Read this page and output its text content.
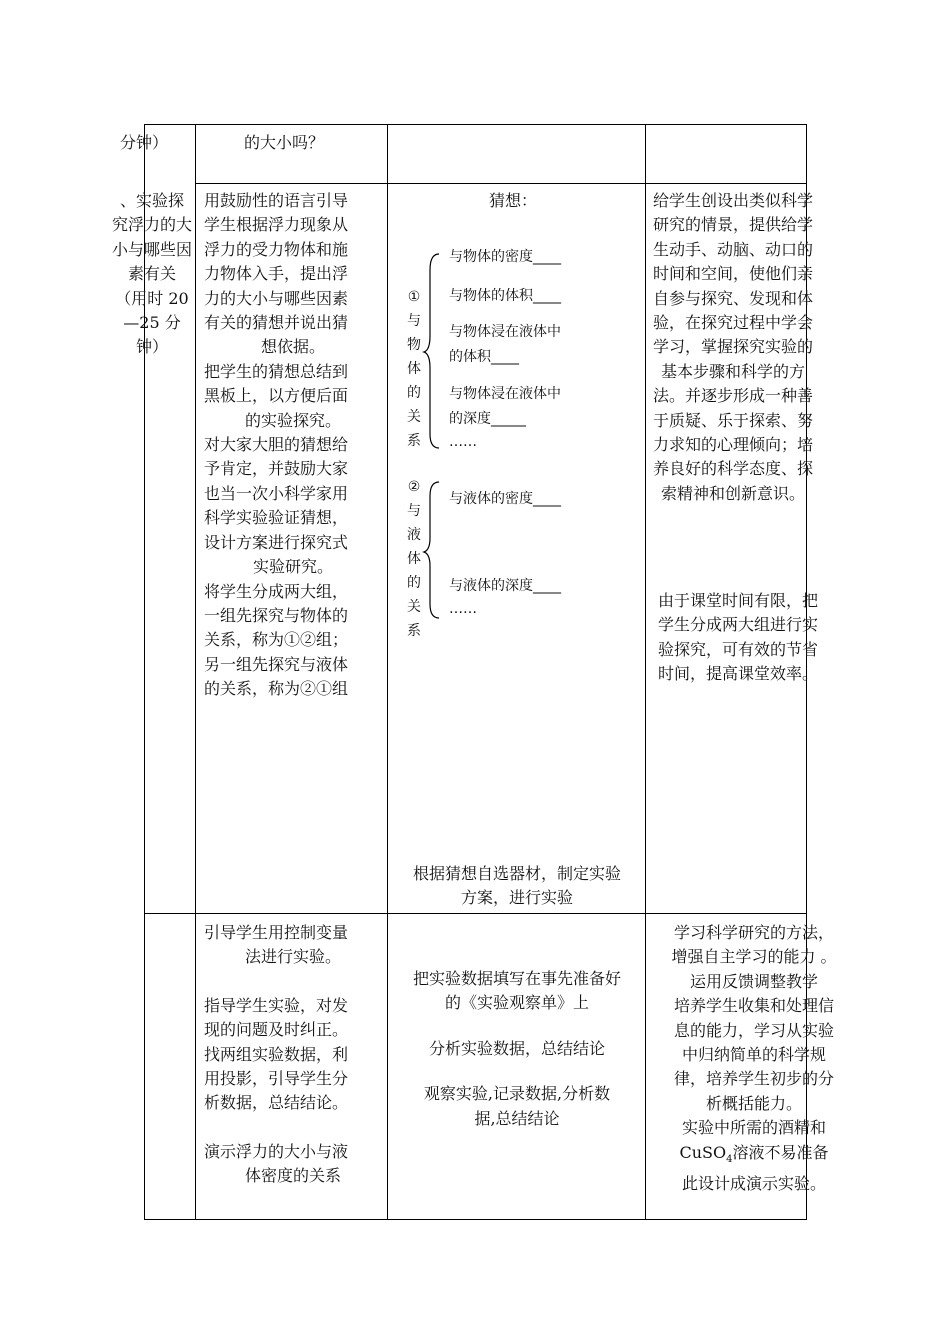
分钟）	的大小吗？
、实验探
究浮力的大
小与哪些因
素有关
（用时 20
—25 分
钟）
用鼓励性的语言引导
学生根据浮力现象从
浮力的受力物体和施
力物体入手，提出浮
力的大小与哪些因素
有关的猜想并说出猜
想依据。
把学生的猜想总结到
黑板上，以方便后面
的实验探究。
对大家大胆的猜想给
予肯定，并鼓励大家
也当一次小科学家用
科学实验验证猜想，
设计方案进行探究式
实验研究。
将学生分成两大组，
一组先探究与物体的
关系，称为①②组；
另一组先探究与液体
的关系，称为②①组
猜想：
①
与
物
体
的
关
系
与物体的密度____
与物体的体积____
与物体浸在液体中
的体积____
与物体浸在液体中
的深度_____
……
②
与
液
体
的
关
系
与液体的密度____
与液体的深度____
……
根据猜想自选器材，制定实验
方案，进行实验
给学生创设出类似科学
研究的情景，提供给学
生动手、动脑、动口的
时间和空间，使他们亲
自参与探究、发现和体
验，在探究过程中学会
学习，掌握探究实验的
基本步骤和科学的方
法。并逐步形成一种善
于质疑、乐于探索、努
力求知的心理倾向；培
养良好的科学态度、探
索精神和创新意识。
由于课堂时间有限，把
学生分成两大组进行实
验探究，可有效的节省
时间，提高课堂效率。
引导学生用控制变量
法进行实验。
指导学生实验，对发
现的问题及时纠正。
找两组实验数据，利
用投影，引导学生分
析数据，总结结论。
演示浮力的大小与液
体密度的关系
把实验数据填写在事先准备好
的《实验观察单》上
分析实验数据，总结结论
观察实验,记录数据,分析数
据,总结结论
学习科学研究的方法，
增强自主学习的能力 。
运用反馈调整教学
培养学生收集和处理信
息的能力，学习从实验
中归纳简单的科学规
律，培养学生初步的分
析概括能力。
实验中所需的酒精和
CuSO$_4$溶液不易准备
此设计成演示实验。
